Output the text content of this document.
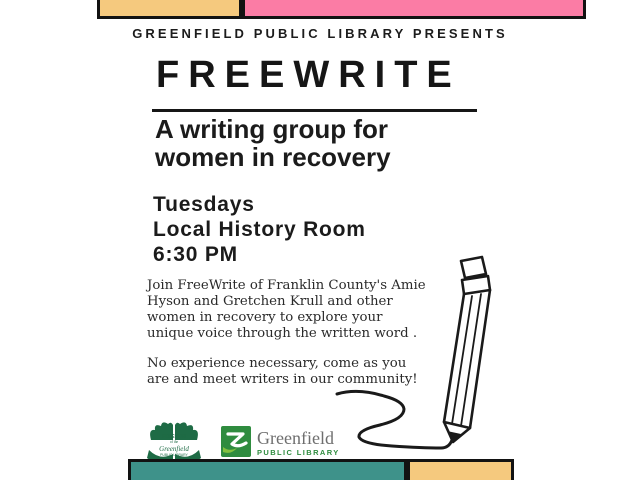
GREENFIELD PUBLIC LIBRARY PRESENTS
FREEWRITE
A writing group for
women in recovery
Tuesdays
Local History Room
6:30 PM

Join FreeWrite of Franklin County's Amie Hyson and Gretchen Krull and other women in recovery to explore your unique voice through the written word .

No experience necessary, come as you are and meet writers in our community!

FRIENDS
of the
Greenfield
PUBLIC LIBRARY
Greenfield
PUBLIC LIBRARY
